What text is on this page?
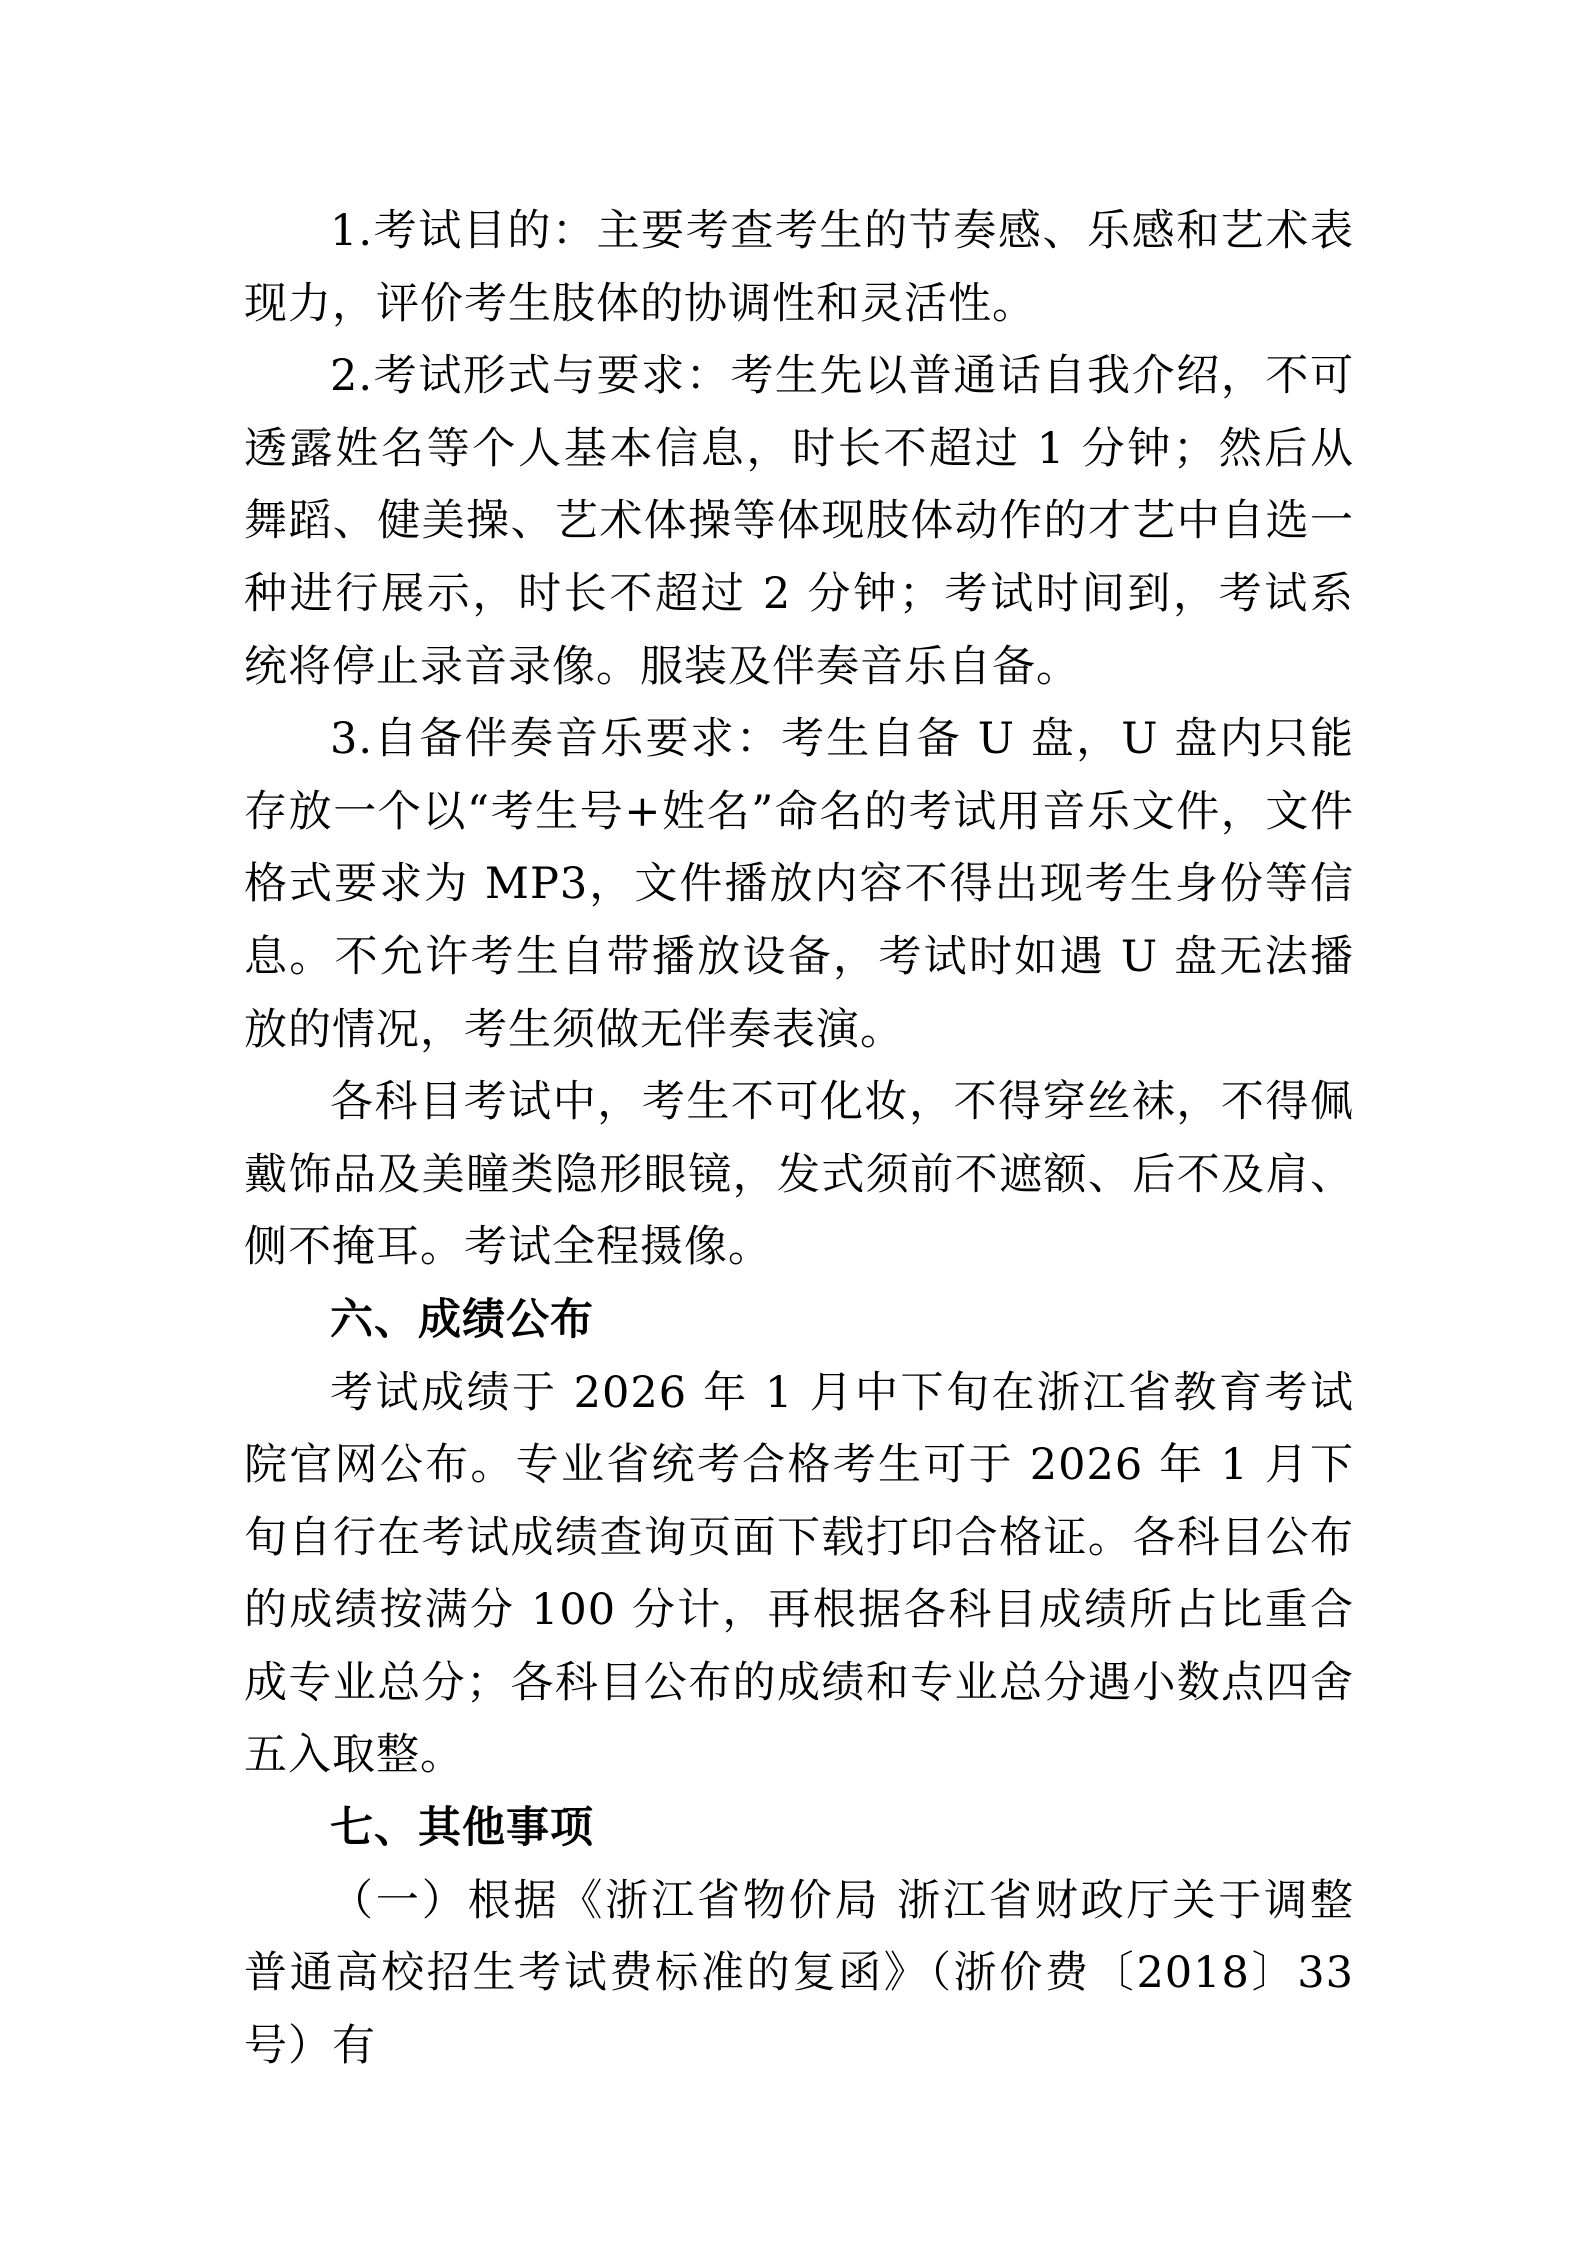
1.考试目的：主要考查考生的节奏感、乐感和艺术表现力，评价考生肢体的协调性和灵活性。

2.考试形式与要求：考生先以普通话自我介绍，不可透露姓名等个人基本信息，时长不超过 1 分钟；然后从舞蹈、健美操、艺术体操等体现肢体动作的才艺中自选一种进行展示，时长不超过 2 分钟；考试时间到，考试系统将停止录音录像。服装及伴奏音乐自备。

3.自备伴奏音乐要求：考生自备 U 盘，U 盘内只能存放一个以“考生号+姓名”命名的考试用音乐文件，文件格式要求为 MP3，文件播放内容不得出现考生身份等信息。不允许考生自带播放设备，考试时如遇 U 盘无法播放的情况，考生须做无伴奏表演。

各科目考试中，考生不可化妆，不得穿丝袜，不得佩戴饰品及美瞳类隐形眼镜，发式须前不遮额、后不及肩、侧不掩耳。考试全程摄像。

六、成绩公布

考试成绩于 2026 年 1 月中下旬在浙江省教育考试院官网公布。专业省统考合格考生可于 2026 年 1 月下旬自行在考试成绩查询页面下载打印合格证。各科目公布的成绩按满分 100 分计，再根据各科目成绩所占比重合成专业总分；各科目公布的成绩和专业总分遇小数点四舍五入取整。

七、其他事项

（一）根据《浙江省物价局 浙江省财政厅关于调整普通高校招生考试费标准的复函》（浙价费〔2018〕33 号）有
